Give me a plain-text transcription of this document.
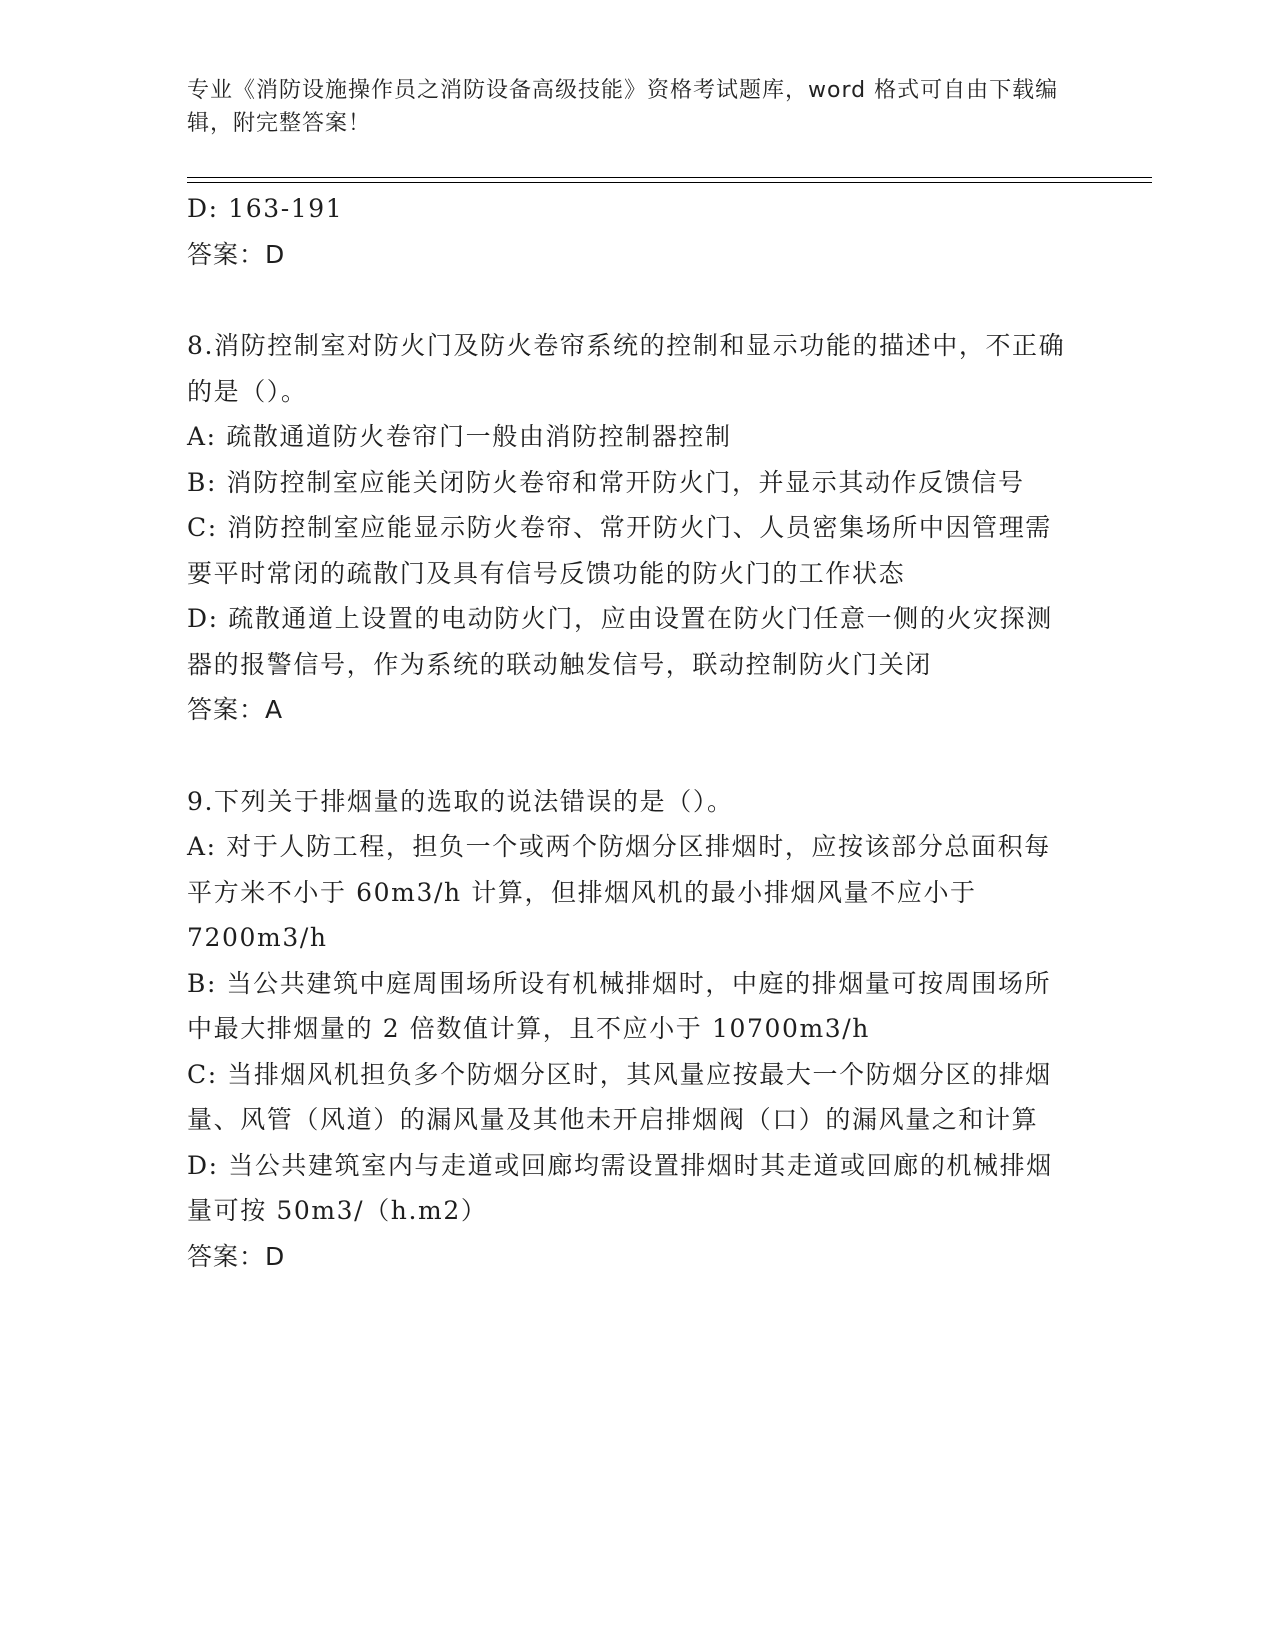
专业《消防设施操作员之消防设备高级技能》资格考试题库，word 格式可自由下载编辑，附完整答案！

D: 163-191

答案：D

8.消防控制室对防火门及防火卷帘系统的控制和显示功能的描述中，不正确的是（）。

A: 疏散通道防火卷帘门一般由消防控制器控制

B: 消防控制室应能关闭防火卷帘和常开防火门，并显示其动作反馈信号

C: 消防控制室应能显示防火卷帘、常开防火门、人员密集场所中因管理需要平时常闭的疏散门及具有信号反馈功能的防火门的工作状态

D: 疏散通道上设置的电动防火门，应由设置在防火门任意一侧的火灾探测器的报警信号，作为系统的联动触发信号，联动控制防火门关闭

答案：A

9.下列关于排烟量的选取的说法错误的是（）。

A: 对于人防工程，担负一个或两个防烟分区排烟时，应按该部分总面积每平方米不小于 60m3/h 计算，但排烟风机的最小排烟风量不应小于7200m3/h

B: 当公共建筑中庭周围场所设有机械排烟时，中庭的排烟量可按周围场所中最大排烟量的 2 倍数值计算，且不应小于 10700m3/h

C: 当排烟风机担负多个防烟分区时，其风量应按最大一个防烟分区的排烟量、风管（风道）的漏风量及其他未开启排烟阀（口）的漏风量之和计算

D: 当公共建筑室内与走道或回廊均需设置排烟时其走道或回廊的机械排烟量可按 50m3/（h.m2）

答案：D
